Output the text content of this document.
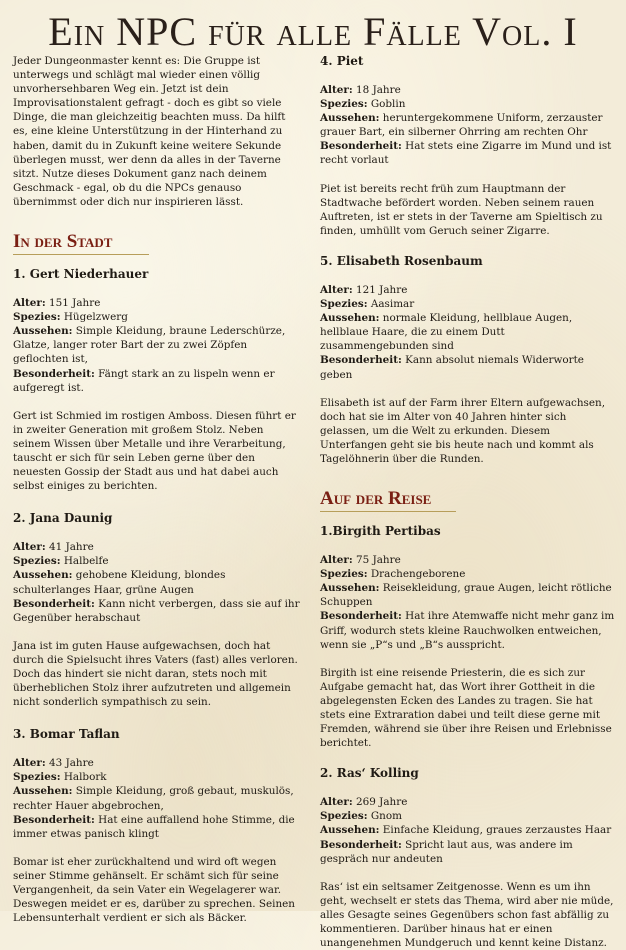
Ein NPC für alle Fälle Vol. I

Jeder Dungeonmaster kennt es: Die Gruppe ist unterwegs und schlägt mal wieder einen völlig unvorhersehbaren Weg ein. Jetzt ist dein Improvisationstalent gefragt - doch es gibt so viele Dinge, die man gleichzeitig beachten muss. Da hilft es, eine kleine Unterstützung in der Hinterhand zu haben, damit du in Zukunft keine weitere Sekunde überlegen musst, wer denn da alles in der Taverne sitzt. Nutze dieses Dokument ganz nach deinem Geschmack - egal, ob du die NPCs genauso übernimmst oder dich nur inspirieren lässt.

In der Stadt
1. Gert Niederhauer
Alter: 151 Jahre
Spezies: Hügelzwerg
Aussehen: Simple Kleidung, braune Lederschürze, Glatze, langer roter Bart der zu zwei Zöpfen geflochten ist,
Besonderheit: Fängt stark an zu lispeln wenn er aufgeregt ist.

Gert ist Schmied im rostigen Amboss. Diesen führt er in zweiter Generation mit großem Stolz. Neben seinem Wissen über Metalle und ihre Verarbeitung, tauscht er sich für sein Leben gerne über den neuesten Gossip der Stadt aus und hat dabei auch selbst einiges zu berichten.

2. Jana Daunig
Alter: 41 Jahre
Spezies: Halbelfe
Aussehen: gehobene Kleidung, blondes schulterlanges Haar, grüne Augen
Besonderheit: Kann nicht verbergen, dass sie auf ihr Gegenüber herabschaut

Jana ist im guten Hause aufgewachsen, doch hat durch die Spielsucht ihres Vaters (fast) alles verloren. Doch das hindert sie nicht daran, stets noch mit überheblichen Stolz ihrer aufzutreten und allgemein nicht sonderlich sympathisch zu sein.

3. Bomar Taflan
Alter: 43 Jahre
Spezies: Halbork
Aussehen: Simple Kleidung, groß gebaut, muskulös, rechter Hauer abgebrochen,
Besonderheit: Hat eine auffallend hohe Stimme, die immer etwas panisch klingt

Bomar ist eher zurückhaltend und wird oft wegen seiner Stimme gehänselt. Er schämt sich für seine Vergangenheit, da sein Vater ein Wegelagerer war. Deswegen meidet er es, darüber zu sprechen. Seinen Lebensunterhalt verdient er sich als Bäcker.

4. Piet
Alter: 18 Jahre
Spezies: Goblin
Aussehen: heruntergekommene Uniform, zerzauster grauer Bart, ein silberner Ohrring am rechten Ohr
Besonderheit: Hat stets eine Zigarre im Mund und ist recht vorlaut

Piet ist bereits recht früh zum Hauptmann der Stadtwache befördert worden. Neben seinem rauen Auftreten, ist er stets in der Taverne am Spieltisch zu finden, umhüllt vom Geruch seiner Zigarre.

5. Elisabeth Rosenbaum
Alter: 121 Jahre
Spezies: Aasimar
Aussehen: normale Kleidung, hellblaue Augen, hellblaue Haare, die zu einem Dutt zusammengebunden sind
Besonderheit: Kann absolut niemals Widerworte geben

Elisabeth ist auf der Farm ihrer Eltern aufgewachsen, doch hat sie im Alter von 40 Jahren hinter sich gelassen, um die Welt zu erkunden. Diesem Unterfangen geht sie bis heute nach und kommt als Tagelöhnerin über die Runden.

Auf der Reise
1.Birgith Pertibas
Alter: 75 Jahre
Spezies: Drachengeborene
Aussehen: Reisekleidung, graue Augen, leicht rötliche Schuppen
Besonderheit: Hat ihre Atemwaffe nicht mehr ganz im Griff, wodurch stets kleine Rauchwolken entweichen, wenn sie „P“s und „B“s ausspricht.

Birgith ist eine reisende Priesterin, die es sich zur Aufgabe gemacht hat, das Wort ihrer Gottheit in die abgelegensten Ecken des Landes zu tragen. Sie hat stets eine Extraration dabei und teilt diese gerne mit Fremden, während sie über ihre Reisen und Erlebnisse berichtet.

2. Ras‘ Kolling
Alter: 269 Jahre
Spezies: Gnom
Aussehen: Einfache Kleidung, graues zerzaustes Haar
Besonderheit: Spricht laut aus, was andere im gespräch nur andeuten

Ras‘ ist ein seltsamer Zeitgenosse. Wenn es um ihn geht, wechselt er stets das Thema, wird aber nie müde, alles Gesagte seines Gegenübers schon fast abfällig zu kommentieren. Darüber hinaus hat er einen unangenehmen Mundgeruch und kennt keine Distanz.
